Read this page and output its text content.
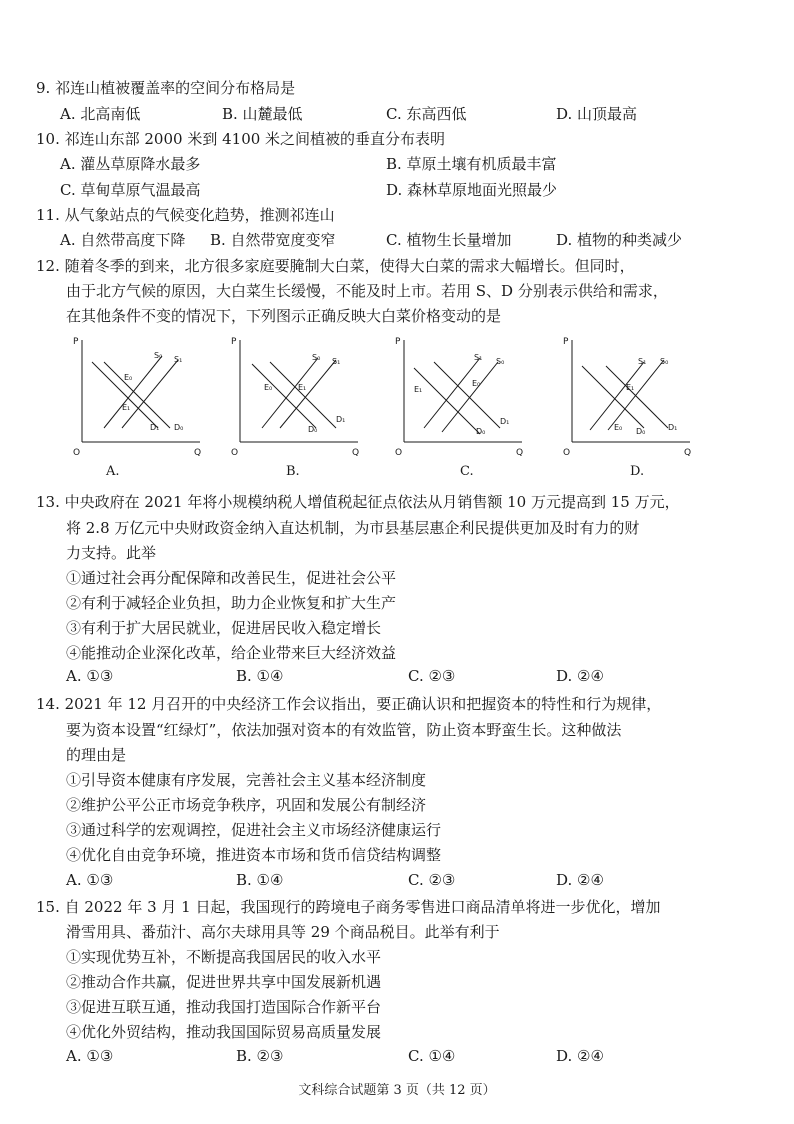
9. 祁连山植被覆盖率的空间分布格局是
A. 北高南低	B. 山麓最低	C. 东高西低	D. 山顶最高
10. 祁连山东部 2000 米到 4100 米之间植被的垂直分布表明
A. 灌丛草原降水最多	B. 草原土壤有机质最丰富
C. 草甸草原气温最高	D. 森林草原地面光照最少
11. 从气象站点的气候变化趋势，推测祁连山
A. 自然带高度下降 B. 自然带宽度变窄	C. 植物生长量增加	D. 植物的种类减少
12. 随着冬季的到来，北方很多家庭要腌制大白菜，使得大白菜的需求大幅增长。但同时，
由于北方气候的原因，大白菜生长缓慢，不能及时上市。若用 S、D 分别表示供给和需求，
在其他条件不变的情况下，下列图示正确反映大白菜价格变动的是
P
Q
O
S₀ S₁
E₀
E₁
D₁ D₀
A.
P
Q
O
S₀ S₁
E₀	E₁
D₀
D₁
B.
P
Q
O
S₁ S₀
E₁
E₀
D₀
D₁
C.
P
Q
O
S₁ S₀
E₁
E₀ D₀	D₁
D.
13. 中央政府在 2021 年将小规模纳税人增值税起征点依法从月销售额 10 万元提高到 15 万元，
将 2.8 万亿元中央财政资金纳入直达机制，为市县基层惠企利民提供更加及时有力的财
力支持。此举
①通过社会再分配保障和改善民生，促进社会公平
②有利于减轻企业负担，助力企业恢复和扩大生产
③有利于扩大居民就业，促进居民收入稳定增长
④能推动企业深化改革，给企业带来巨大经济效益
A. ①③	B. ①④	C. ②③	D. ②④
14. 2021 年 12 月召开的中央经济工作会议指出，要正确认识和把握资本的特性和行为规律，
要为资本设置“红绿灯”，依法加强对资本的有效监管，防止资本野蛮生长。这种做法
的理由是
①引导资本健康有序发展，完善社会主义基本经济制度
②维护公平公正市场竞争秩序，巩固和发展公有制经济
③通过科学的宏观调控，促进社会主义市场经济健康运行
④优化自由竞争环境，推进资本市场和货币信贷结构调整
A. ①③	B. ①④	C. ②③	D. ②④
15. 自 2022 年 3 月 1 日起，我国现行的跨境电子商务零售进口商品清单将进一步优化，增加
滑雪用具、番茄汁、高尔夫球用具等 29 个商品税目。此举有利于
①实现优势互补，不断提高我国居民的收入水平
②推动合作共赢，促进世界共享中国发展新机遇
③促进互联互通，推动我国打造国际合作新平台
④优化外贸结构，推动我国国际贸易高质量发展
A. ①③	B. ②③	C. ①④	D. ②④
文科综合试题第 3 页（共 12 页）
